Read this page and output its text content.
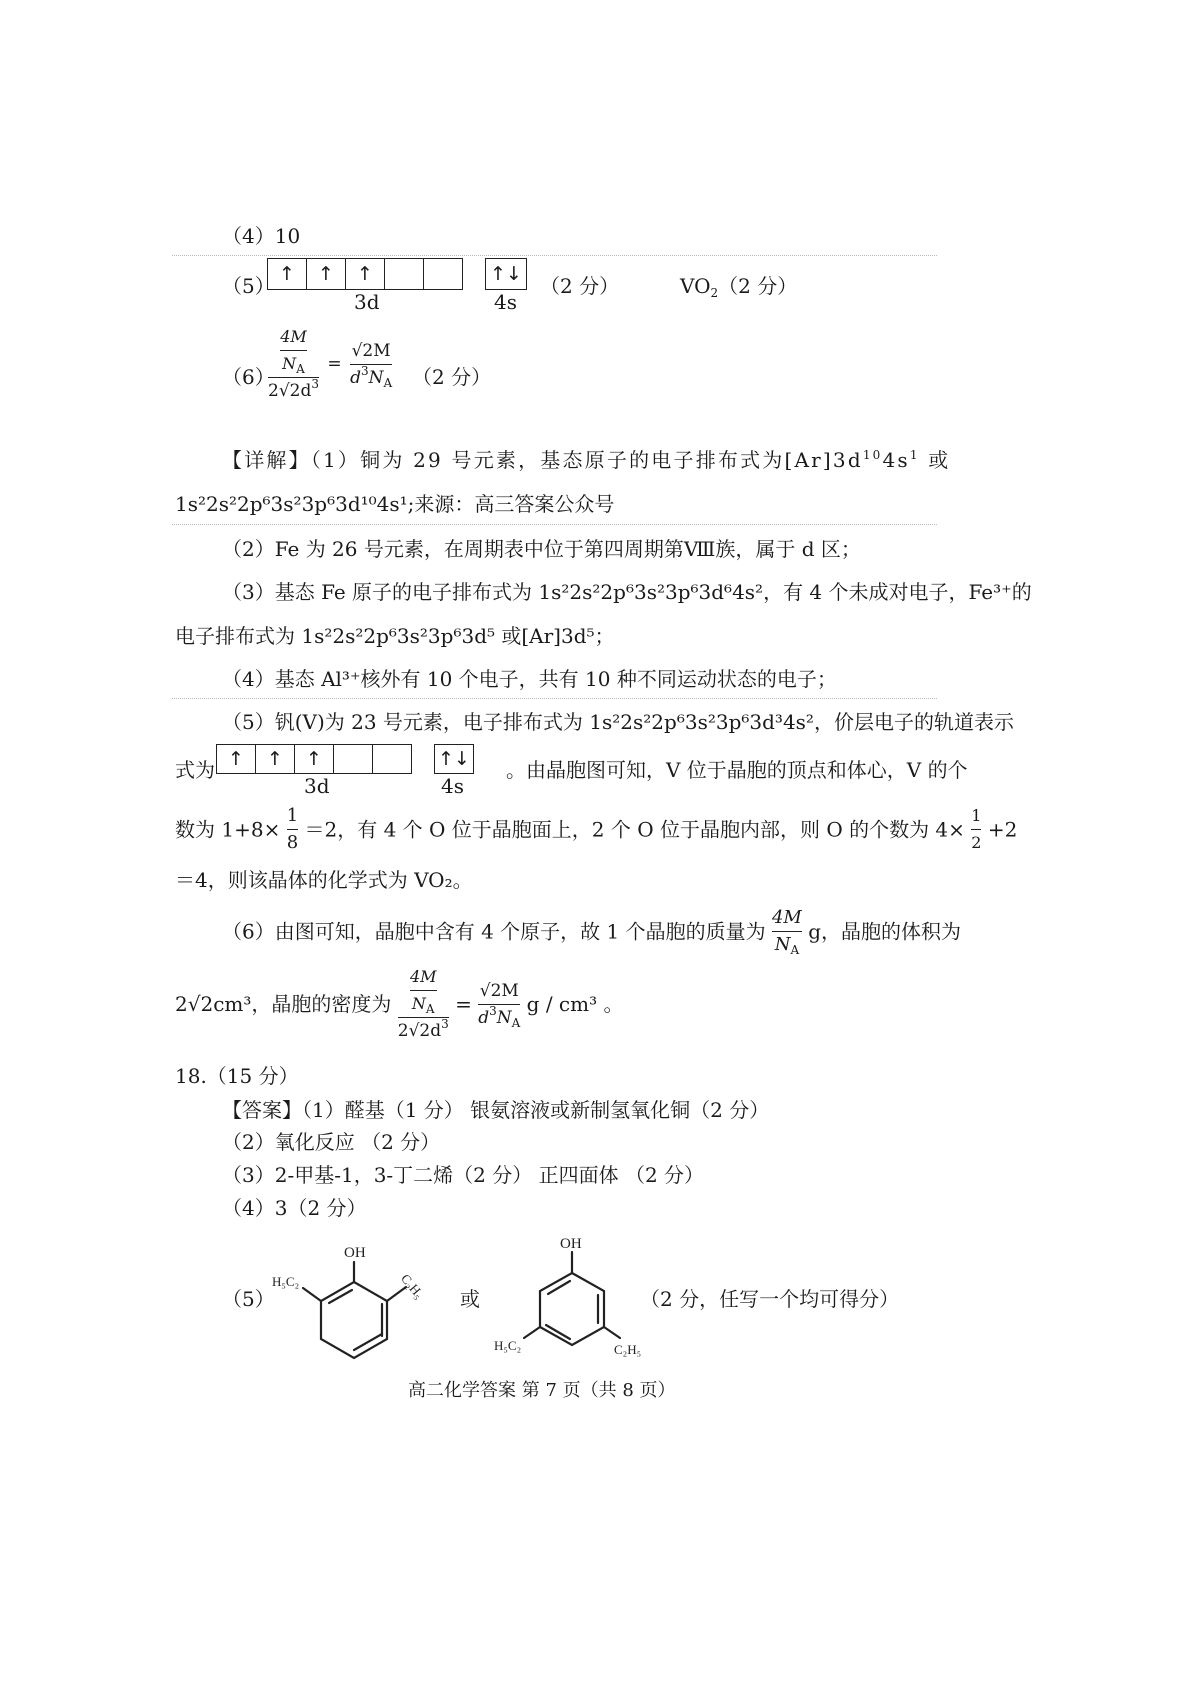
（4）10
（5） ↑	↑	↑
3d
↑↓
4s
（2 分）	$VO_2(2$ 分）
（6）
$\frac{\frac{4M}{N_A}}{2√2d^3} = \frac{√2M}{d^3N_A} (2$ 分）
【详解】（1）铜为 29 号元素，基态原子的电子排布式为$[Ar]3d^{10}4s^1$ 或
1s²2s²2p⁶3s²3p⁶3d¹⁰4s¹;来源：高三答案公众号
（2）Fe 为 26 号元素，在周期表中位于第四周期第Ⅷ族，属于 d 区；
（3）基态 Fe 原子的电子排布式为 1s²2s²2p⁶3s²3p⁶3d⁶4s²，有 4 个未成对电子，Fe³⁺的
电子排布式为 1s²2s²2p⁶3s²3p⁶3d⁵ 或[Ar]3d⁵；
（4）基态 Al³⁺核外有 10 个电子，共有 10 种不同运动状态的电子；
（5）钒(V)为 23 号元素，电子排布式为 1s²2s²2p⁶3s²3p⁶3d³4s²，价层电子的轨道表示
式为 ↑	↑	↑
3d
↑↓
4s
。由晶胞图可知，V 位于晶胞的顶点和体心，V 的个
数为 $1+8\times \frac{1}{8} =2$，有 4 个 O 位于晶胞面上，2 个 O 位于晶胞内部，则 O 的个数为 $4\times \frac{1}{2} +2$
＝4，则该晶体的化学式为 VO₂。
（6）由图可知，晶胞中含有 4 个原子，故 1 个晶胞的质量为 $\frac{4M}{N_A}$ g，晶胞的体积为
2√2cm³，晶胞的密度为 $\frac{\frac{4M}{N_A}}{2√2d^3} = \frac{√2M}{d^3N_A}$ g / cm³ 。
18.（15 分）
【答案】（1）醛基（1 分） 银氨溶液或新制氢氧化铜（2 分）
（2）氧化反应 （2 分）
（3）2-甲基-1，3-丁二烯（2 分） 正四面体 （2 分）
（4）3（2 分）
（5）
OH
H₅C₂	C₂H₅ 或
OH
H₅C₂	C₂H₅
（2 分，任写一个均可得分）
高二化学答案 第 7 页（共 8 页）
